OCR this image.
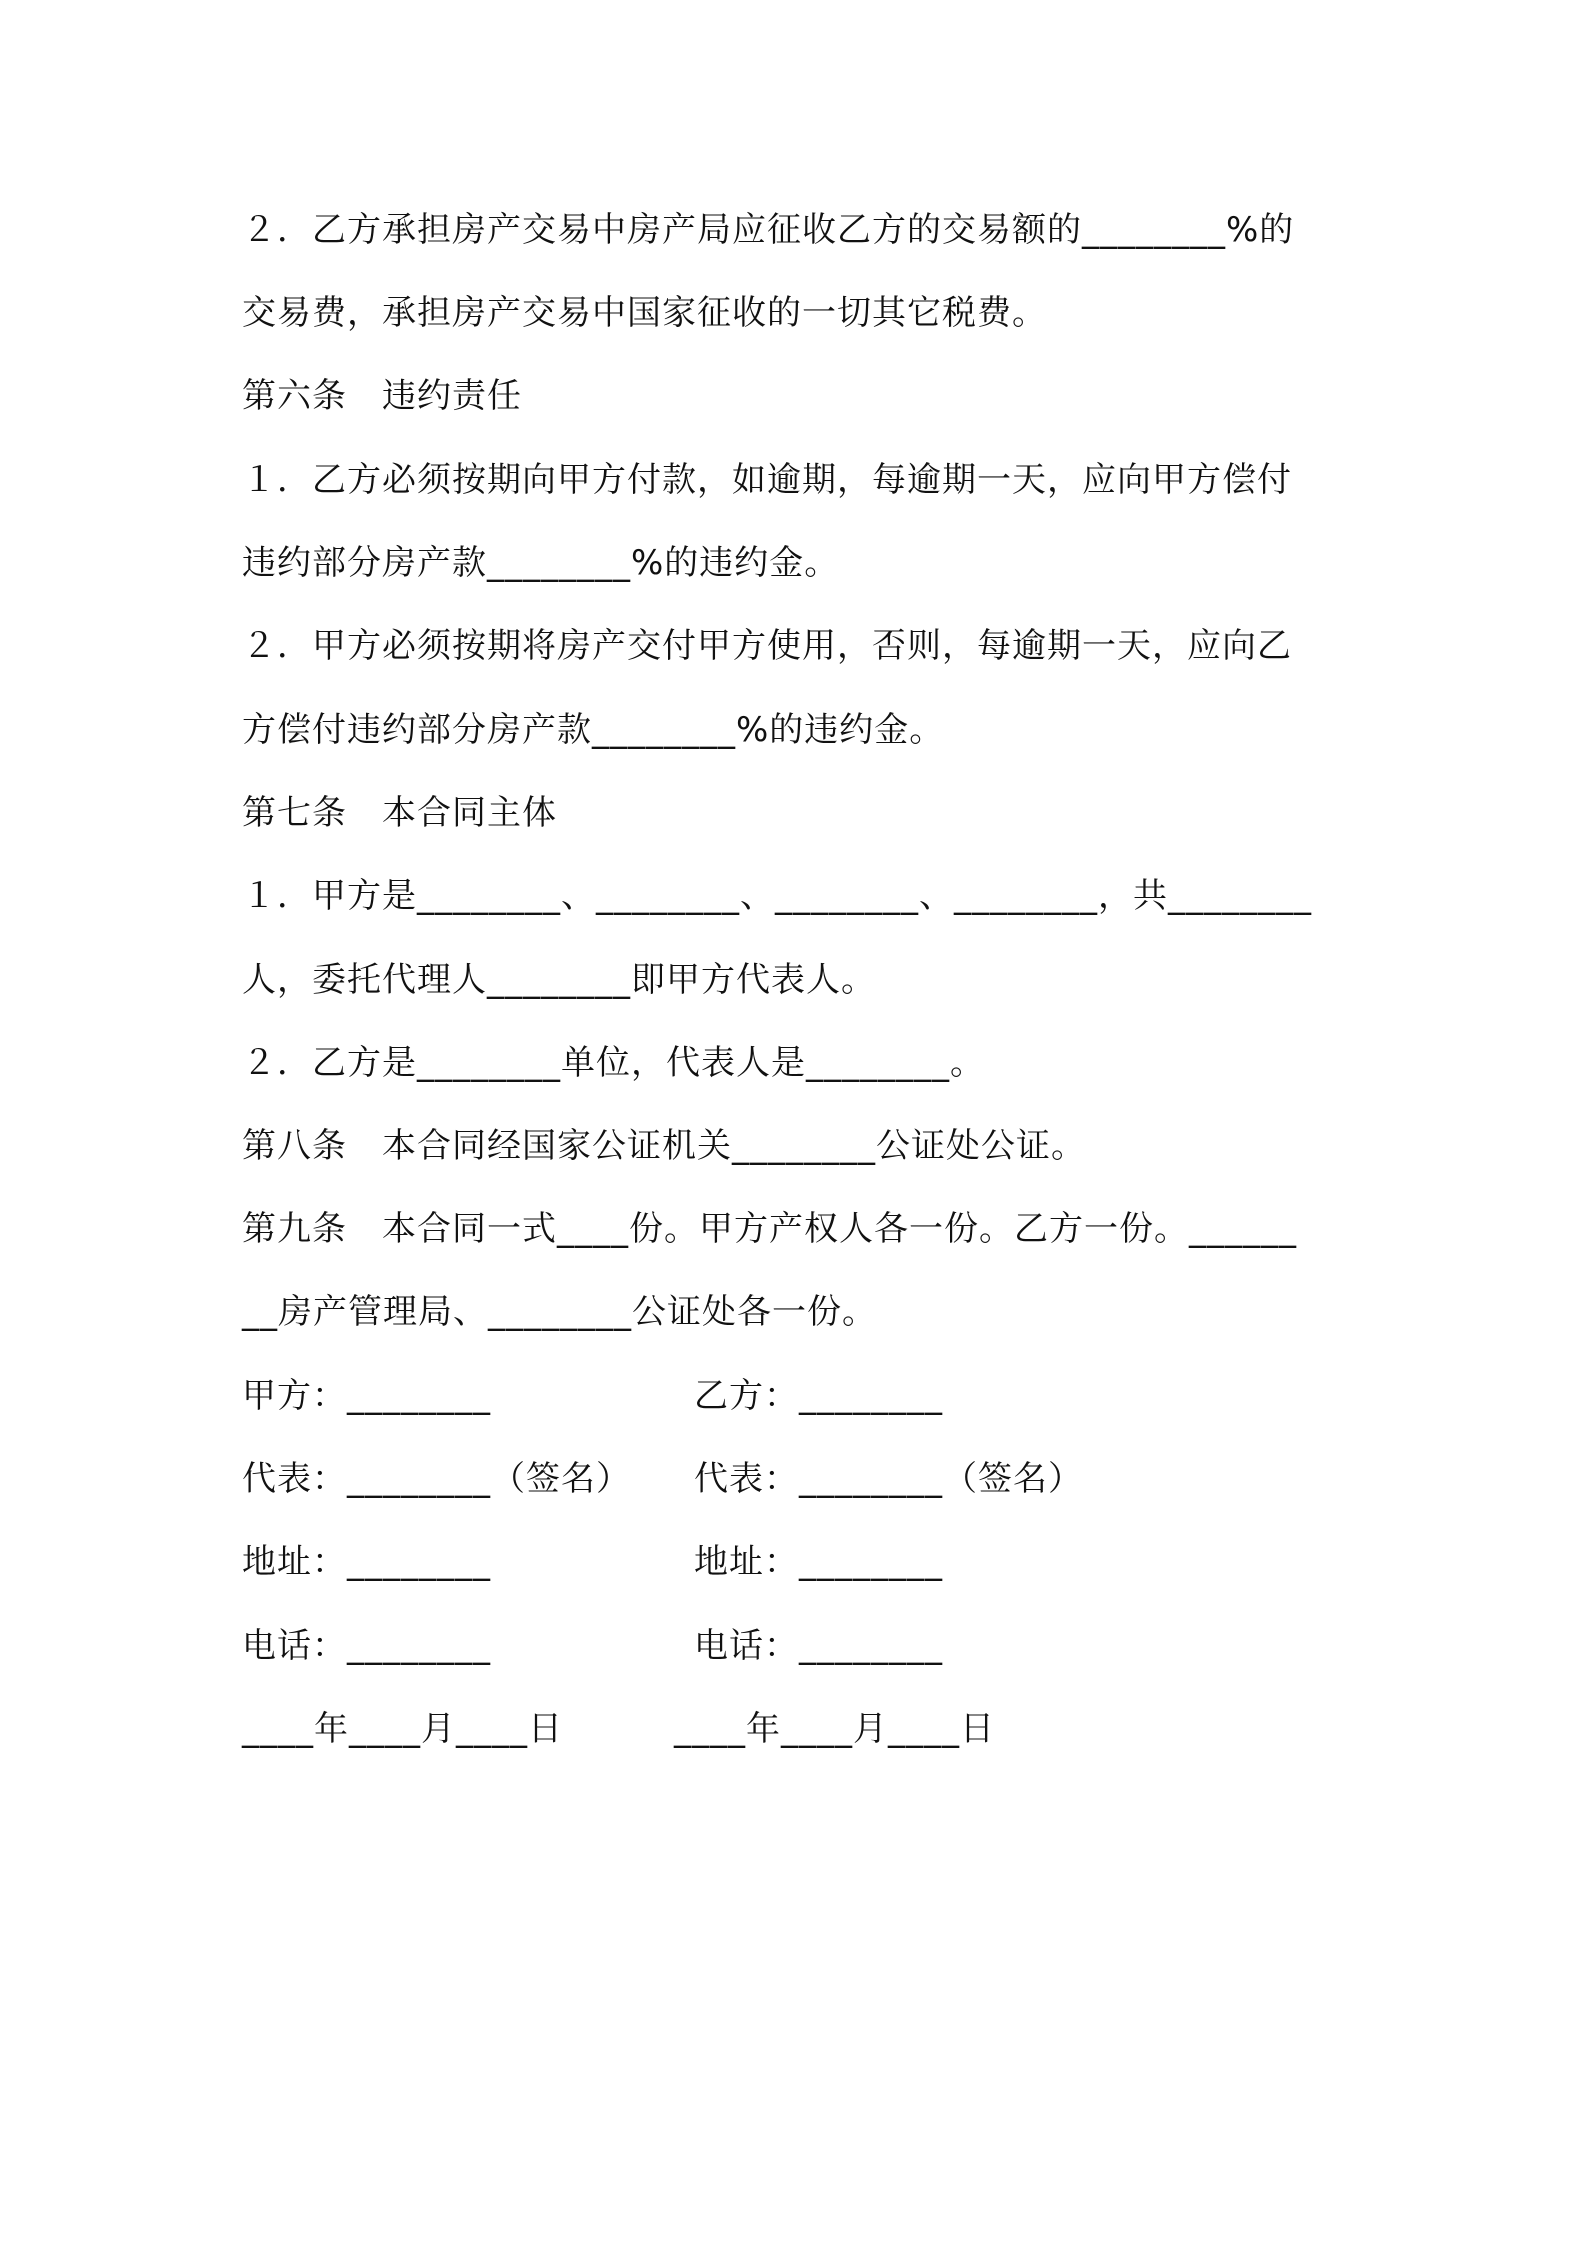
２．乙方承担房产交易中房产局应征收乙方的交易额的________%的
交易费，承担房产交易中国家征收的一切其它税费。
第六条　违约责任
１．乙方必须按期向甲方付款，如逾期，每逾期一天，应向甲方偿付
违约部分房产款________%的违约金。
２．甲方必须按期将房产交付甲方使用，否则，每逾期一天，应向乙
方偿付违约部分房产款________%的违约金。
第七条　本合同主体
１．甲方是________、________、________、________，共________
人，委托代理人________即甲方代表人。
２．乙方是________单位，代表人是________。
第八条　本合同经国家公证机关________公证处公证。
第九条　本合同一式____份。甲方产权人各一份。乙方一份。______
__房产管理局、________公证处各一份。
甲方：________	乙方：________
代表：________（签名） 代表：________（签名）
地址：________	地址：________
电话：________	电话：________
____年____月____日	____年____月____日
